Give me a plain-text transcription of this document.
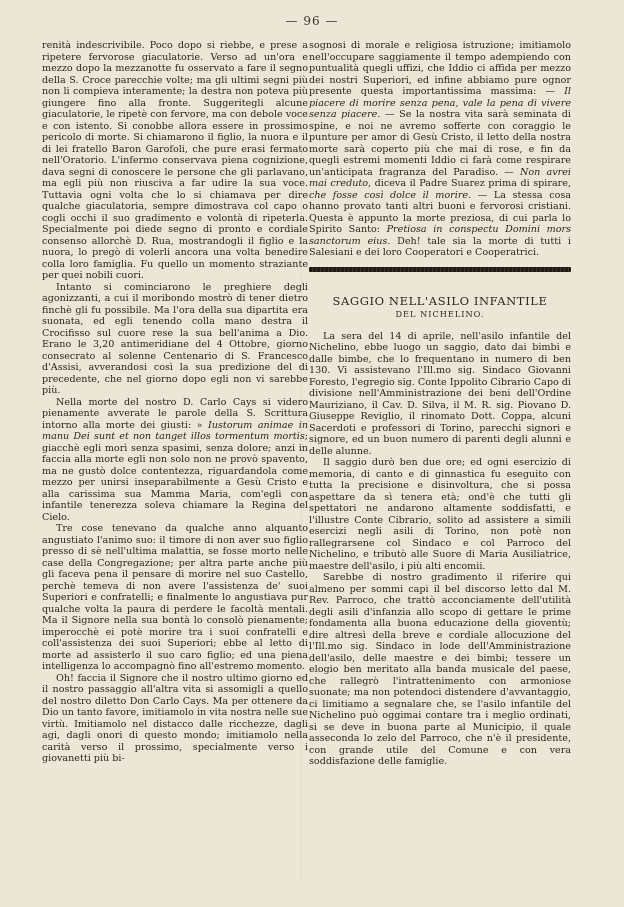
— 96 —

renità indescrivibile. Poco dopo si riebbe, e prese a ripetere fervorose giaculatorie. Verso ad un'ora e mezzo dopo la mezzanotte fu osservato a fare il segno della S. Croce parecchie volte; ma gli ultimi segni più non li compieva interamente; la destra non poteva più giungere fino alla fronte. Suggeritegli alcune giaculatorie, le ripetè con fervore, ma con debole voce e con istento. Si conobbe allora essere in prossimo pericolo di morte. Si chiamarono il figlio, la nuora e il di lei fratello Baron Garofoli, che pure erasi fermato nell'Oratorio. L'infermo conservava piena cognizione, dava segni di conoscere le persone che gli parlavano, ma egli più non riusciva a far udire la sua voce. Tuttavia ogni volta che lo si chiamava per dire qualche giaculatoria, sempre dimostrava col capo o cogli occhi il suo gradimento e volontà di ripeterla. Specialmente poi diede segno di pronto e cordiale consenso allorchè D. Rua, mostrandogli il figlio e la nuora, lo pregò di volerli ancora una volta benedire colla loro famiglia. Fu quello un momento straziante per quei nobili cuori.

Intanto si cominciarono le preghiere degli agonizzanti, a cui il moribondo mostrò di tener dietro finchè gli fu possibile. Ma l'ora della sua dipartita era suonata, ed egli tenendo colla mano destra il Crocifisso sul cuore rese la sua bell'anima a Dio. Erano le 3,20 antimeridiane del 4 Ottobre, giorno consecrato al solenne Centenario di S. Francesco d'Assisi, avverandosi così la sua predizione del di precedente, che nel giorno dopo egli non vi sarebbe più.

Nella morte del nostro D. Carlo Cays si videro pienamente avverate le parole della S. Scrittura intorno alla morte dei giusti: » Iustorum animae in manu Dei sunt et non tanget illos tormentum mortis; giacchè egli morì senza spasimi, senza dolore; anzi in faccia alla morte egli non solo non ne provò spavento, ma ne gustò dolce contentezza, riguardandola come mezzo per unirsi inseparabilmente a Gesù Cristo e alla carissima sua Mamma Maria, com'egli con infantile tenerezza soleva chiamare la Regina del Cielo.

Tre cose tenevano da qualche anno alquanto angustiato l'animo suo: il timore di non aver suo figlio presso di sè nell'ultima malattia, se fosse morto nelle case della Congregazione; per altra parte anche più gli faceva pena il pensare di morire nel suo Castello, perchè temeva di non avere l'assistenza de' suoi Superiori e confratelli; e finalmente lo angustiava pur qualche volta la paura di perdere le facoltà mentali. Ma il Signore nella sua bontà lo consolò pienamente; imperocchè ei potè morire tra i suoi confratelli e coll'assistenza dei suoi Superiori; ebbe al letto di morte ad assisterlo il suo caro figlio; ed una piena intelligenza lo accompagnò fino all'estremo momento.

Oh! faccia il Signore che il nostro ultimo giorno ed il nostro passaggio all'altra vita si assomigli a quello del nostro diletto Don Carlo Cays. Ma per ottenere da Dio un tanto favore, imitiamolo in vita nostra nelle sue virtù. Imitiamolo nel distacco dalle ricchezze, dagli agi, dagli onori di questo mondo; imitiamolo nella carità verso il prossimo, specialmente verso i giovanetti più bi-

sognosi di morale e religiosa istruzione; imitiamolo nell'occupare saggiamente il tempo adempiendo con puntualità quegli uffizi, che Iddio ci affida per mezzo dei nostri Superiori, ed infine abbiamo pure ognor presente questa importantissima massima: — Il piacere di morire senza pena, vale la pena di vivere senza piacere. — Se la nostra vita sarà seminata di spine, e noi ne avremo sofferte con coraggio le punture per amor di Gesù Cristo, il letto della nostra morte sarà coperto più che mai di rose, e fin da quegli estremi momenti Iddio ci farà come respirare un'anticipata fragranza del Paradiso. — Non avrei mai creduto, diceva il Padre Suarez prima di spirare, che fosse così dolce il morire. — La stessa cosa hanno provato tanti altri buoni e fervorosi cristiani. Questa è appunto la morte preziosa, di cui parla lo Spirito Santo: Pretiosa in conspectu Domini mors sanctorum eius. Deh! tale sia la morte di tutti i Salesiani e dei loro Cooperatori e Cooperatrici.

SAGGIO NELL'ASILO INFANTILE
DEL NICHELINO.

La sera del 14 di aprile, nell'asilo infantile del Nichelino, ebbe luogo un saggio, dato dai bimbi e dalle bimbe, che lo frequentano in numero di ben 130. Vi assistevano l'Ill.mo sig. Sindaco Giovanni Foresto, l'egregio sig. Conte Ippolito Cibrario Capo di divisione nell'Amministrazione dei beni dell'Ordine Mauriziano, il Cav. D. Silva, il M. R. sig. Piovano D. Giuseppe Reviglio, il rinomato Dott. Coppa, alcuni Sacerdoti e professori di Torino, parecchi signori e signore, ed un buon numero di parenti degli alunni e delle alunne.

Il saggio durò ben due ore; ed ogni esercizio di memoria, di canto e di ginnastica fu eseguito con tutta la precisione e disinvoltura, che si possa aspettare da sì tenera età; ond'è che tutti gli spettatori ne andarono altamente soddisfatti, e l'illustre Conte Cibrario, solito ad assistere a simili esercizi negli asili di Torino, non potè non rallegrarsene col Sindaco e col Parroco del Nichelino, e tributò alle Suore di Maria Ausiliatrice, maestre dell'asilo, i più alti encomii.

Sarebbe di nostro gradimento il riferire qui almeno per sommi capi il bel discorso letto dal M. Rev. Parroco, che trattò acconciamente dell'utilità degli asili d'infanzia allo scopo di gettare le prime fondamenta alla buona educazione della gioventù; dire altresì della breve e cordiale allocuzione del l'Ill.mo sig. Sindaco in lode dell'Amministrazione dell'asilo, delle maestre e dei bimbi; tessere un elogio ben meritato alla banda musicale del paese, che rallegrò l'intrattenimento con armoniose suonate; ma non potendoci distendere d'avvantaggio, ci limitiamo a segnalare che, se l'asilo infantile del Nichelino può oggimai contare tra i meglio ordinati, si se deve in buona parte al Municipio, il quale asseconda lo zelo del Parroco, che n'è il presidente, con grande utile del Comune e con vera soddisfazione delle famiglie.
